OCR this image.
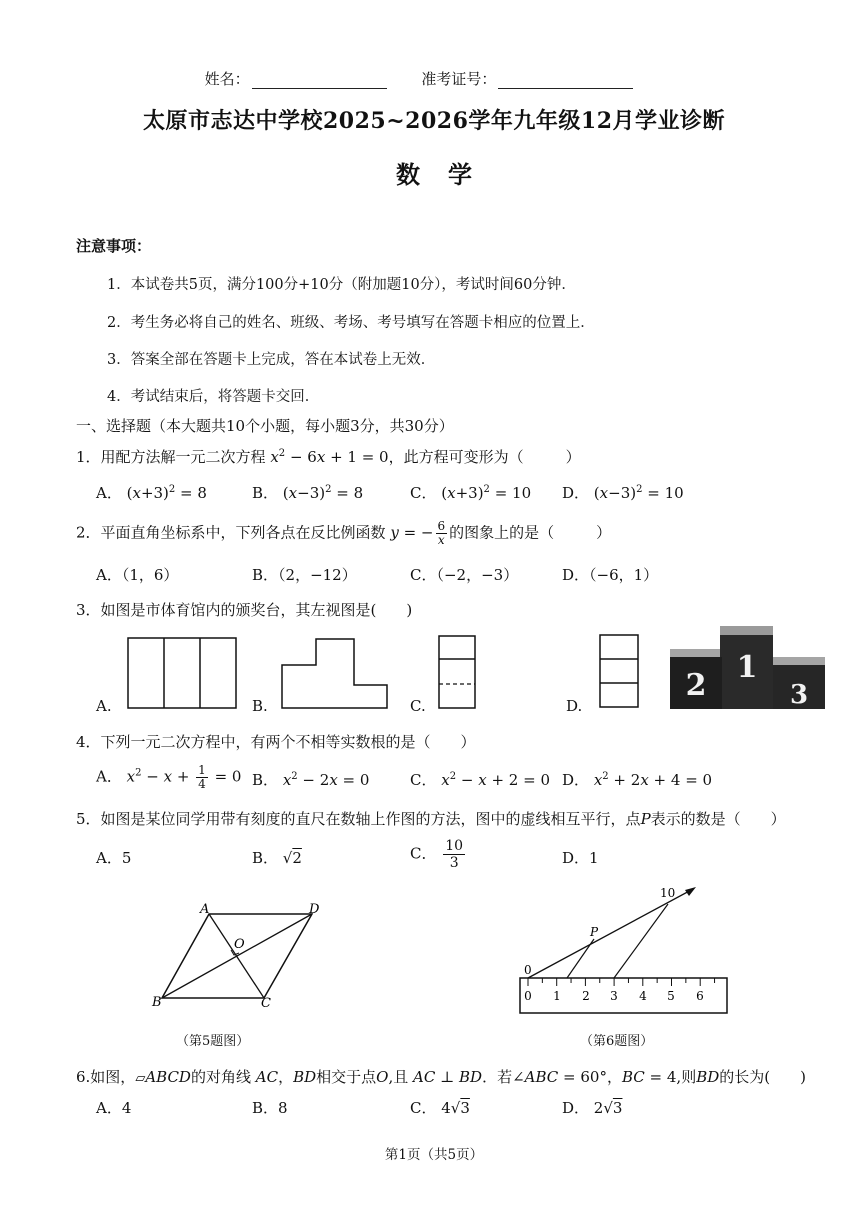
姓名：	准考证号：
太原市志达中学校2025~2026学年九年级12月学业诊断
数学
注意事项：
1．本试卷共5页，满分100分+10分（附加题10分），考试时间60分钟．
2．考生务必将自己的姓名、班级、考场、考号填写在答题卡相应的位置上．
3．答案全部在答题卡上完成，答在本试卷上无效．
4．考试结束后，将答题卡交回．
一、选择题（本大题共10个小题，每小题3分，共30分）
1．用配方法解一元二次方程 $x^2 - 6x + 1 = 0$，此方程可变形为（	）
A． $(x+3)^2 = 8$	B． $(x-3)^2 = 8$	C． $(x+3)^2 = 10$ D． $(x-3)^2 = 10$
2．平面直角坐标系中，下列各点在反比例函数 y = − $\frac{6}{x}$ 的图象上的是（	）
A．（1，6）	B．（2，−12）	C．（−2，−3）	D．（−6，1）
3．如图是市体育馆内的颁奖台，其左视图是(　　)
2
1
3
A.	B.	C.	D.
4．下列一元二次方程中，有两个不相等实数根的是（　　）
A． $x^2 - x + \frac{1}{4} = 0$ B． $x^2 - 2x = 0$	C． $x^2 - x + 2 = 0$ D． $x^2 + 2x + 4 = 0$
5．如图是某位同学用带有刻度的直尺在数轴上作图的方法，图中的虚线相互平行，点P表示的数是（　　）
A．5	B． √2	C． $\frac{10}{3}$	D．1
A	D
O
B	C
（第5题图）
0
10
P
0 1 2 3 4 5 6
（第6题图）
6.如图，▱ABCD的对角线 AC，BD相交于点O,且 AC ⊥ BD．若∠ABC = 60°，BC = 4,则BD的长为(　　)
A．4	B．8	C． 4√3	D． 2√3
第1页（共5页）
